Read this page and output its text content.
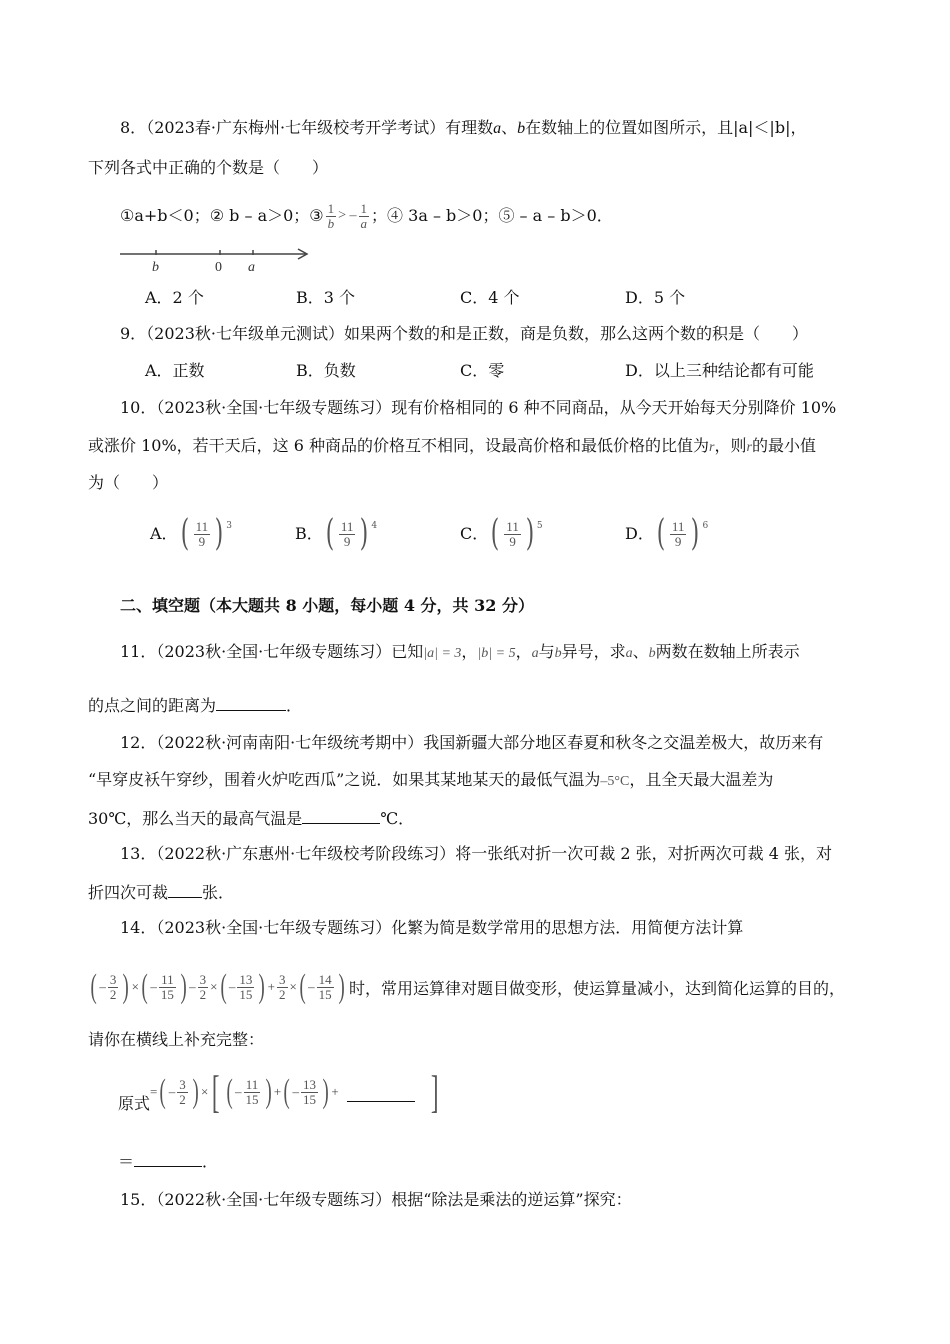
8．（2023春·广东梅州·七年级校考开学考试）有理数a、b在数轴上的位置如图所示，且|a|＜|b|，
下列各式中正确的个数是（　　）
①a+b＜0； ② b – a＞0；③ $\frac{1}{b}$ > – $\frac{1}{a}$ ；④ 3a – b＞0；⑤ – a – b＞0．
b	0 a
A．2 个	B．3 个	C．4 个	D．5 个
9．（2023秋·七年级单元测试）如果两个数的和是正数，商是负数，那么这两个数的积是（　　）
A．正数	B．负数	C．零	D．以上三种结论都有可能
10．（2023秋·全国·七年级专题练习）现有价格相同的 6 种不同商品，从今天开始每天分别降价 10%
或涨价 10%，若干天后，这 6 种商品的价格互不相同，设最高价格和最低价格的比值为r，则r的最小值
为（　　）
A． ( $\frac{11}{9}$ ) 3	B． ( $\frac{11}{9}$ ) 4	C． ( $\frac{11}{9}$ ) 5	D． ( $\frac{11}{9}$ ) 6
二、填空题（本大题共 8 小题，每小题 4 分，共 32 分）
11．（2023秋·全国·七年级专题练习）已知|a| = 3，|b| = 5，a与b异号，求a、b两数在数轴上所表示
的点之间的距离为	．
12．（2022秋·河南南阳·七年级统考期中）我国新疆大部分地区春夏和秋冬之交温差极大，故历来有
“早穿皮袄午穿纱，围着火炉吃西瓜”之说．如果其某地某天的最低气温为–5°C，且全天最大温差为
30℃，那么当天的最高气温是	℃．
13．（2022秋·广东惠州·七年级校考阶段练习）将一张纸对折一次可裁 2 张，对折两次可裁 4 张，对
折四次可裁 张．
14．（2023秋·全国·七年级专题练习）化繁为简是数学常用的思想方法．用简便方法计算
( – $\frac{3}{2}$ ) × ( – $\frac{11}{15}$ ) – $\frac{3}{2}$ × ( – $\frac{13}{15}$ ) + $\frac{3}{2}$ × ( – $\frac{14}{15}$ ) 时，常用运算律对题目做变形，使运算量减小，达到简化运算的目的，
请你在横线上补充完整：
原式
= ( – $\frac{3}{2}$ ) × [ ( – $\frac{11}{15}$ ) + ( – $\frac{13}{15}$ ) + ]
＝	．
15．（2022秋·全国·七年级专题练习）根据“除法是乘法的逆运算”探究：
